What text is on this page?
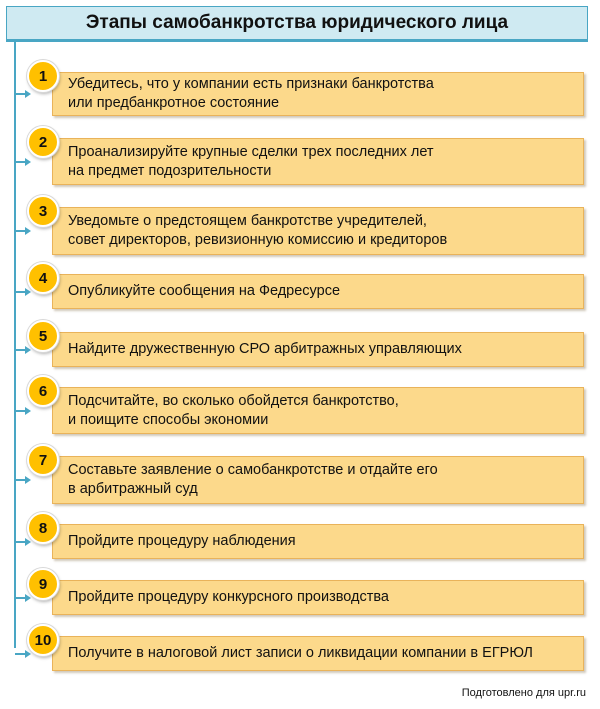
Этапы самобанкротства юридического лица
Убедитесь, что у компании есть признаки банкротства
или предбанкротное состояние
1
Проанализируйте крупные сделки трех последних лет
на предмет подозрительности
2
Уведомьте о предстоящем банкротстве учредителей,
совет директоров, ревизионную комиссию и кредиторов
3
Опубликуйте сообщения на Федресурсе
4
Найдите дружественную СРО арбитражных управляющих
5
Подсчитайте, во сколько обойдется банкротство,
и поищите способы экономии
6
Составьте заявление о самобанкротстве и отдайте его
в арбитражный суд
7
Пройдите процедуру наблюдения
8
Пройдите процедуру конкурсного производства
9
Получите в налоговой лист записи о ликвидации компании в ЕГРЮЛ
10
Подготовлено для upr.ru
